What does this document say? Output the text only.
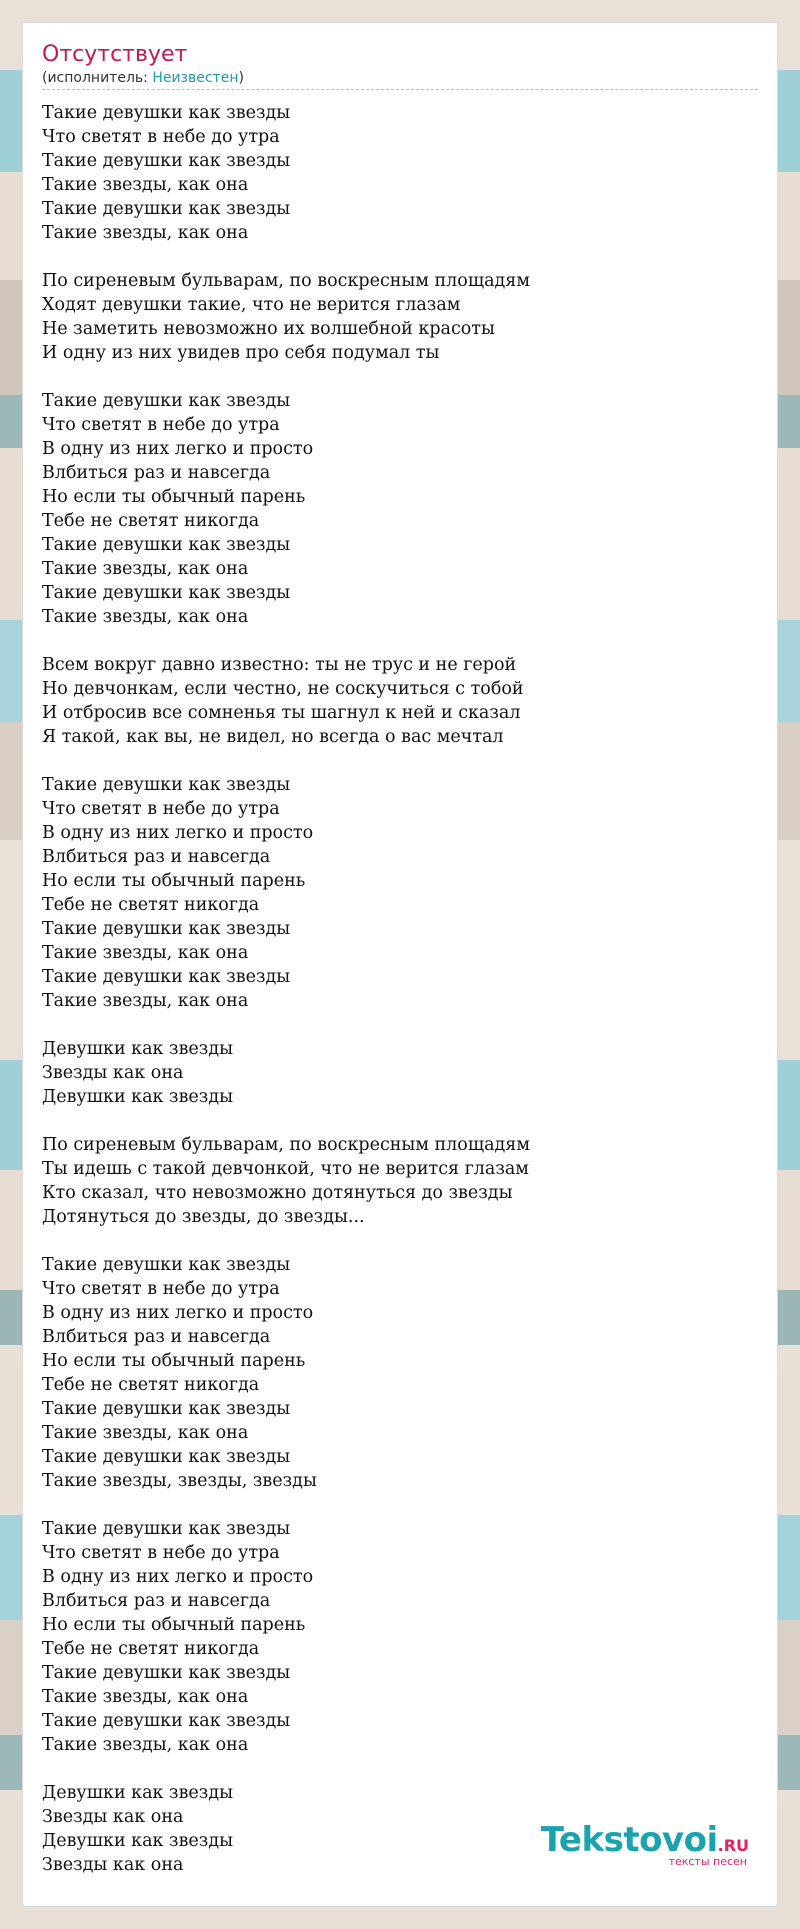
Отсутствует
(исполнитель: Неизвестен)
Такие девушки как звезды
Что светят в небе до утра
Такие девушки как звезды
Такие звезды, как она
Такие девушки как звезды
Такие звезды, как она
По сиреневым бульварам, по воскресным площадям
Ходят девушки такие, что не верится глазам
Не заметить невозможно их волшебной красоты
И одну из них увидев про себя подумал ты
Такие девушки как звезды
Что светят в небе до утра
В одну из них легко и просто
Влбиться раз и навсегда
Но если ты обычный парень
Тебе не светят никогда
Такие девушки как звезды
Такие звезды, как она
Такие девушки как звезды
Такие звезды, как она
Всем вокруг давно известно: ты не трус и не герой
Но девчонкам, если честно, не соскучиться с тобой
И отбросив все сомненья ты шагнул к ней и сказал
Я такой, как вы, не видел, но всегда о вас мечтал
Такие девушки как звезды
Что светят в небе до утра
В одну из них легко и просто
Влбиться раз и навсегда
Но если ты обычный парень
Тебе не светят никогда
Такие девушки как звезды
Такие звезды, как она
Такие девушки как звезды
Такие звезды, как она
Девушки как звезды
Звезды как она
Девушки как звезды
По сиреневым бульварам, по воскресным площадям
Ты идешь с такой девчонкой, что не верится глазам
Кто сказал, что невозможно дотянуться до звезды
Дотянуться до звезды, до звезды...
Такие девушки как звезды
Что светят в небе до утра
В одну из них легко и просто
Влбиться раз и навсегда
Но если ты обычный парень
Тебе не светят никогда
Такие девушки как звезды
Такие звезды, как она
Такие девушки как звезды
Такие звезды, звезды, звезды
Такие девушки как звезды
Что светят в небе до утра
В одну из них легко и просто
Влбиться раз и навсегда
Но если ты обычный парень
Тебе не светят никогда
Такие девушки как звезды
Такие звезды, как она
Такие девушки как звезды
Такие звезды, как она
Девушки как звезды
Звезды как она
Девушки как звезды
Звезды как она
Tekstovoi.RU
тексты песен
